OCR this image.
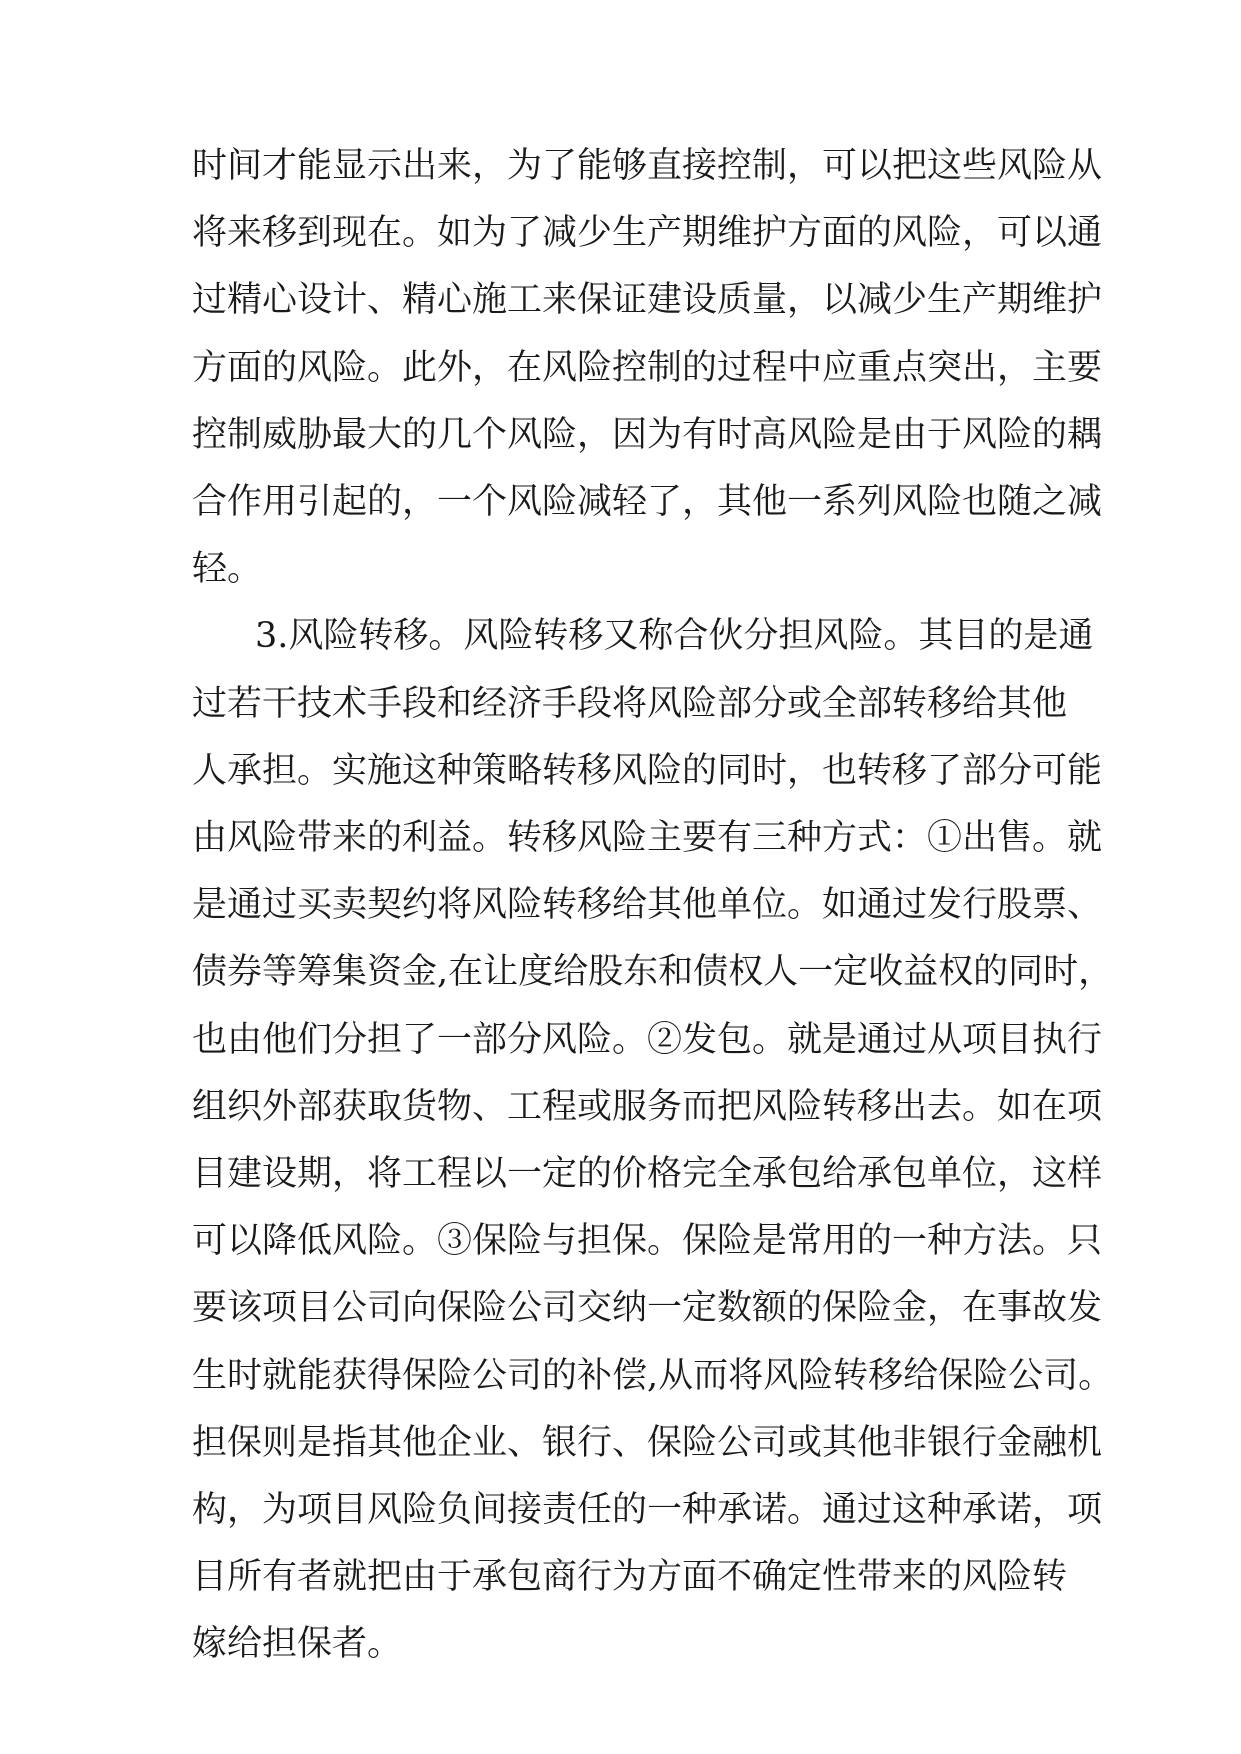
时间才能显示出来，为了能够直接控制，可以把这些风险从
将来移到现在。如为了减少生产期维护方面的风险，可以通
过精心设计、精心施工来保证建设质量，以减少生产期维护
方面的风险。此外，在风险控制的过程中应重点突出，主要
控制威胁最大的几个风险，因为有时高风险是由于风险的耦
合作用引起的，一个风险减轻了，其他一系列风险也随之减
轻。
3.风险转移。风险转移又称合伙分担风险。其目的是通
过若干技术手段和经济手段将风险部分或全部转移给其他
人承担。实施这种策略转移风险的同时，也转移了部分可能
由风险带来的利益。转移风险主要有三种方式：①出售。就
是通过买卖契约将风险转移给其他单位。如通过发行股票、
债券等筹集资金,在让度给股东和债权人一定收益权的同时，
也由他们分担了一部分风险。②发包。就是通过从项目执行
组织外部获取货物、工程或服务而把风险转移出去。如在项
目建设期，将工程以一定的价格完全承包给承包单位，这样
可以降低风险。③保险与担保。保险是常用的一种方法。只
要该项目公司向保险公司交纳一定数额的保险金，在事故发
生时就能获得保险公司的补偿,从而将风险转移给保险公司。
担保则是指其他企业、银行、保险公司或其他非银行金融机
构，为项目风险负间接责任的一种承诺。通过这种承诺，项
目所有者就把由于承包商行为方面不确定性带来的风险转
嫁给担保者。
